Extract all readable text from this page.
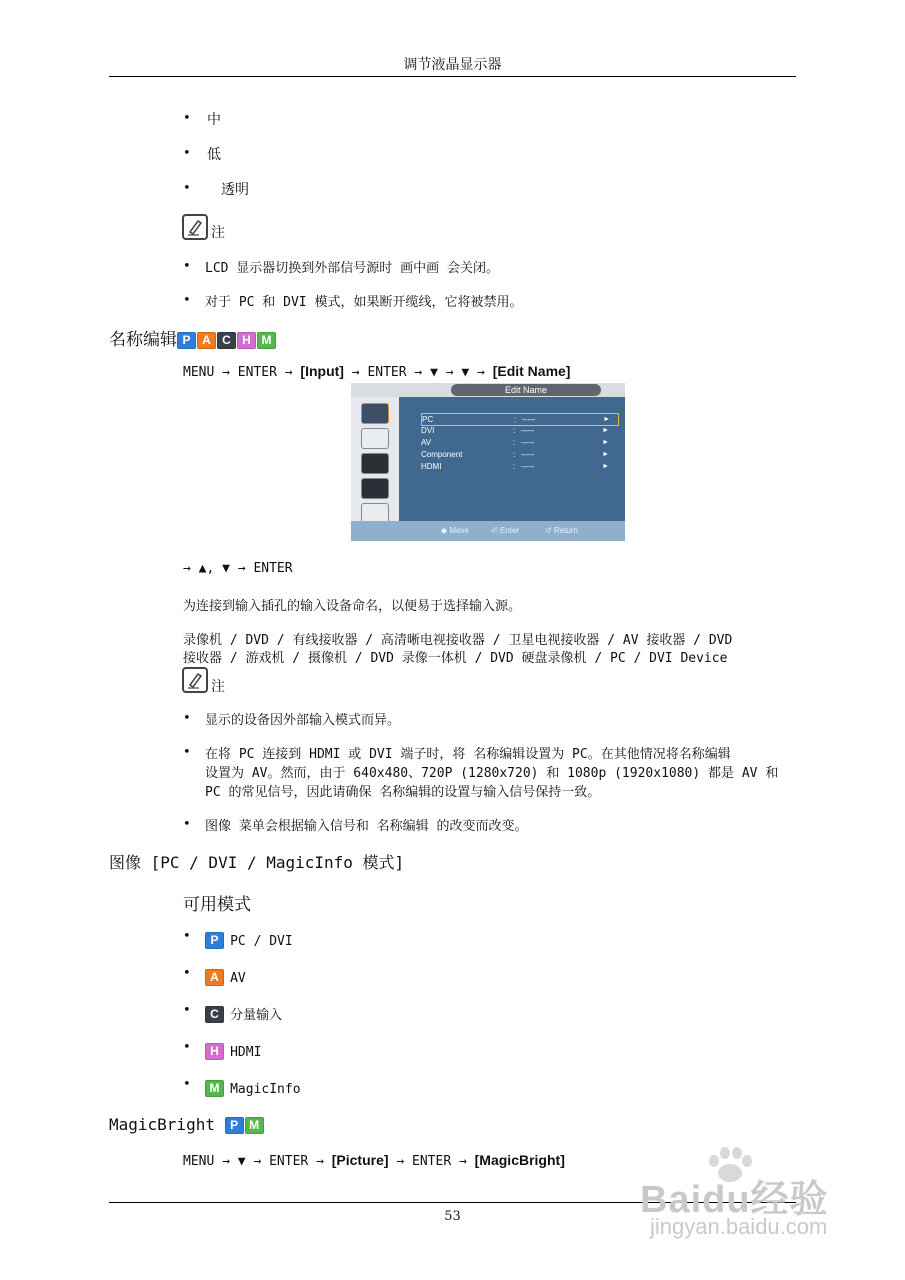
调节液晶显示器
• 中
• 低
• 透明
注
• LCD 显示器切换到外部信号源时 画中画 会关闭。
• 对于 PC 和 DVI 模式，如果断开缆线，它将被禁用。
名称编辑 P A C H M
MENU → ENTER → [Input] → ENTER → ▼ → ▼ → [Edit Name]
Edit Name
PC	: -----	►
DVI	: -----	►
AV	: -----	►
Component	: -----	►
HDMI	: -----	►
◆ Move	⏎ Enter	↺ Return
→ ▲, ▼ → ENTER
为连接到输入插孔的输入设备命名，以便易于选择输入源。
录像机 / DVD / 有线接收器 / 高清晰电视接收器 / 卫星电视接收器 / AV 接收器 / DVD
接收器 / 游戏机 / 摄像机 / DVD 录像一体机 / DVD 硬盘录像机 / PC / DVI Device
注
• 显示的设备因外部输入模式而异。
• 在将 PC 连接到 HDMI 或 DVI 端子时，将 名称编辑设置为 PC。在其他情况将名称编辑
设置为 AV。然而，由于 640x480、720P (1280x720) 和 1080p (1920x1080) 都是 AV 和
PC 的常见信号，因此请确保 名称编辑的设置与输入信号保持一致。
• 图像 菜单会根据输入信号和 名称编辑 的改变而改变。
图像 [PC / DVI / MagicInfo 模式]
可用模式
•	P PC / DVI
•	A AV
•	C 分量输入
•	H HDMI
•	M MagicInfo
MagicBright P M
MENU → ▼ → ENTER → [Picture] → ENTER → [MagicBright]
53	Baidu经验
jingyan.baidu.com
